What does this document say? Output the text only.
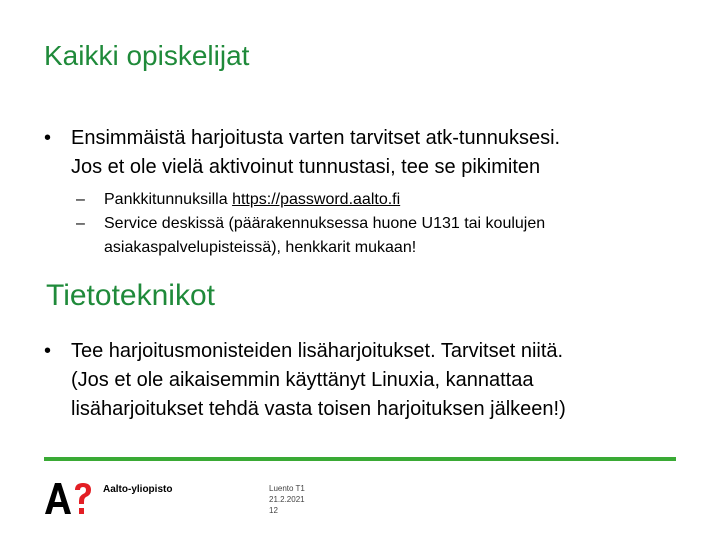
Kaikki opiskelijat
• Ensimmäistä harjoitusta varten tarvitset atk-tunnuksesi.
Jos et ole vielä aktivoinut tunnustasi, tee se pikimiten
–	Pankkitunnuksilla https://password.aalto.fi
–	Service deskissä (päärakennuksessa huone U131 tai koulujen
asiakaspalvelupisteissä), henkkarit mukaan!
Tietoteknikot
• Tee harjoitusmonisteiden lisäharjoitukset. Tarvitset niitä.
(Jos et ole aikaisemmin käyttänyt Linuxia, kannattaa
lisäharjoitukset tehdä vasta toisen harjoituksen jälkeen!)
Aalto-yliopisto	Luento T1
21.2.2021
12
